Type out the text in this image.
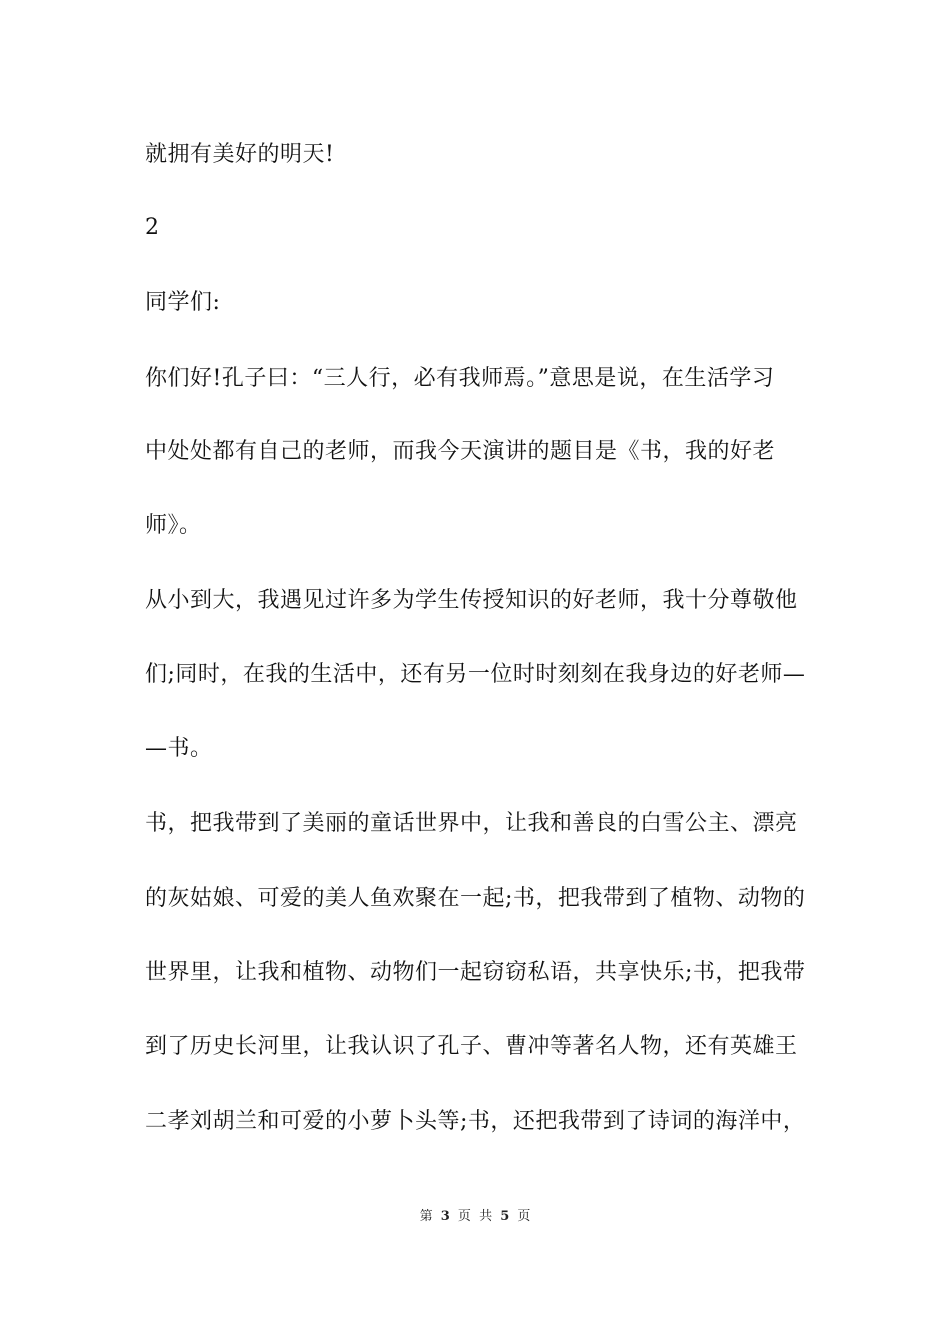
就拥有美好的明天!
2
同学们:
你们好!孔子曰：“三人行，必有我师焉。”意思是说，在生活学习
中处处都有自己的老师，而我今天演讲的题目是《书，我的好老
师》。
从小到大，我遇见过许多为学生传授知识的好老师，我十分尊敬他
们;同时，在我的生活中，还有另一位时时刻刻在我身边的好老师—
—书。
书，把我带到了美丽的童话世界中，让我和善良的白雪公主、漂亮
的灰姑娘、可爱的美人鱼欢聚在一起;书，把我带到了植物、动物的
世界里，让我和植物、动物们一起窃窃私语，共享快乐;书，把我带
到了历史长河里，让我认识了孔子、曹冲等著名人物，还有英雄王
二孝刘胡兰和可爱的小萝卜头等;书，还把我带到了诗词的海洋中，
第 3 页 共 5 页
